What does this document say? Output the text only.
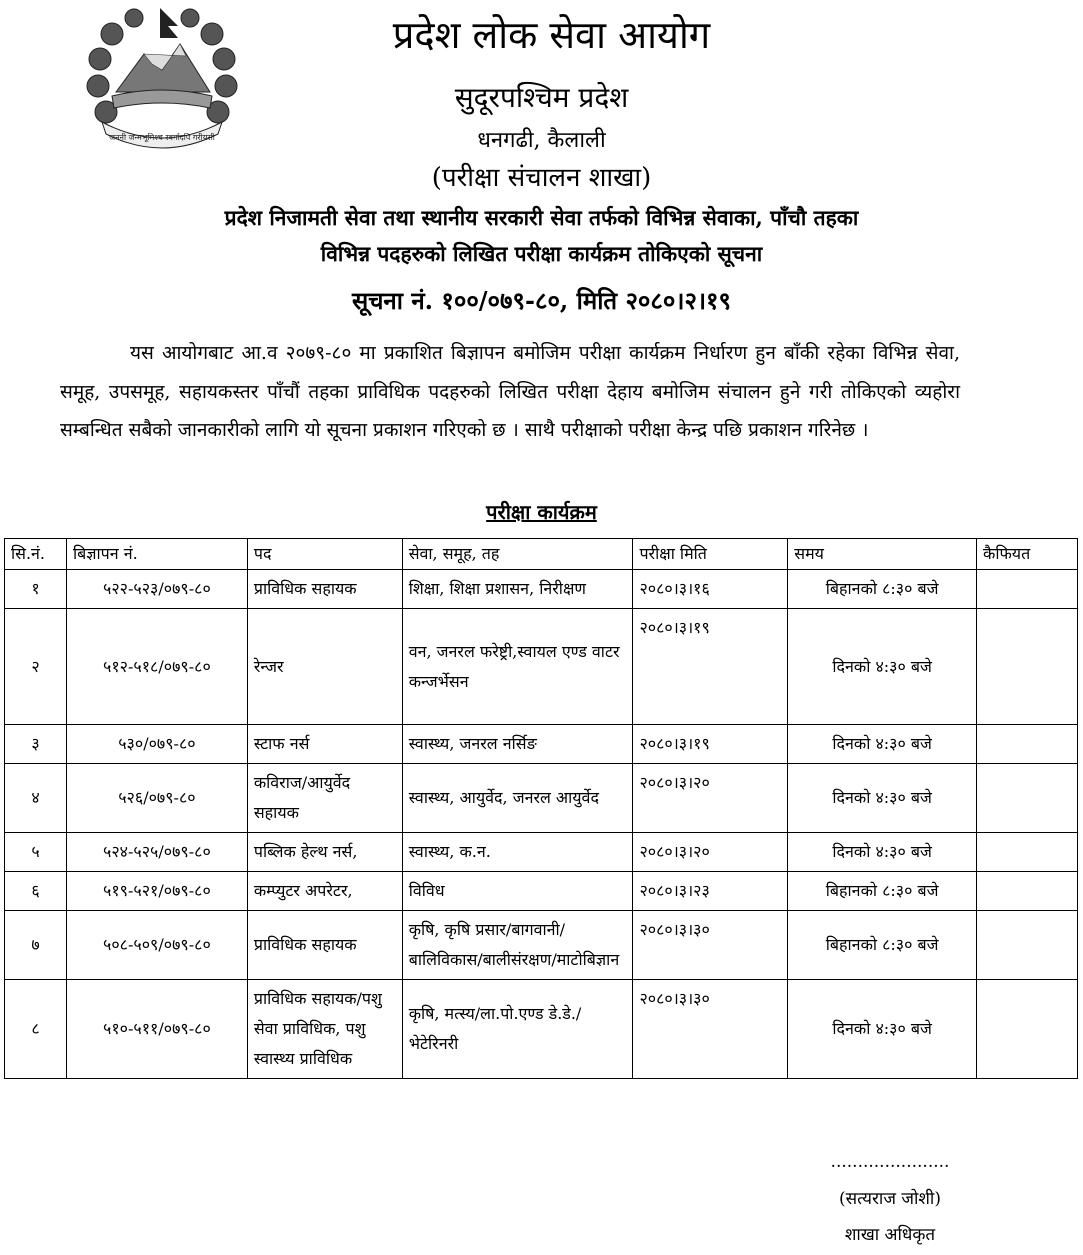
जननी जन्मभूमिश्च स्वर्गादपि गरीयसी
प्रदेश लोक सेवा आयोग
सुदूरपश्चिम प्रदेश
धनगढी, कैलाली
(परीक्षा संचालन शाखा)
प्रदेश निजामती सेवा तथा स्थानीय सरकारी सेवा तर्फको विभिन्न सेवाका, पाँचौ तहका
विभिन्न पदहरुको लिखित परीक्षा कार्यक्रम तोकिएको सूचना
सूचना नं. १००/०७९-८०, मिति २०८०।२।१९
यस आयोगबाट आ.व २०७९-८० मा प्रकाशित बिज्ञापन बमोजिम परीक्षा कार्यक्रम निर्धारण हुन बाँकी रहेका विभिन्न सेवा, समूह, उपसमूह, सहायकस्तर पाँचौं तहका प्राविधिक पदहरुको लिखित परीक्षा देहाय बमोजिम संचालन हुने गरी तोकिएको व्यहोरा सम्बन्धित सबैको जानकारीको लागि यो सूचना प्रकाशन गरिएको छ । साथै परीक्षाको परीक्षा केन्द्र पछि प्रकाशन गरिनेछ ।
परीक्षा कार्यक्रम
सि.नं.	बिज्ञापन नं.	पद	सेवा, समूह, तह	परीक्षा मिति	समय	कैफियत
१	५२२-५२३/०७९-८०	प्राविधिक सहायक	शिक्षा, शिक्षा प्रशासन, निरीक्षण	२०८०।३।१६	बिहानको ८:३० बजे	
२	५१२-५१८/०७९-८०	रेन्जर	वन, जनरल फरेष्ट्री,स्वायल एण्ड वाटर कन्जर्भेसन	२०८०।३।१९	दिनको ४:३० बजे	
३	५३०/०७९-८०	स्टाफ नर्स	स्वास्थ्य, जनरल नर्सिङ	२०८०।३।१९	दिनको ४:३० बजे	
४	५२६/०७९-८०	कविराज/आयुर्वेद सहायक	स्वास्थ्य, आयुर्वेद, जनरल आयुर्वेद	२०८०।३।२०	दिनको ४:३० बजे	
५	५२४-५२५/०७९-८०	पब्लिक हेल्थ नर्स,	स्वास्थ्य, क.न.	२०८०।३।२०	दिनको ४:३० बजे	
६	५१९-५२१/०७९-८०	कम्प्युटर अपरेटर,	विविध	२०८०।३।२३	बिहानको ८:३० बजे	
७	५०८-५०९/०७९-८०	प्राविधिक सहायक	कृषि, कृषि प्रसार/बागवानी/बालिविकास/बालीसंरक्षण/माटोबिज्ञान	२०८०।३।३०	बिहानको ८:३० बजे	
८	५१०-५११/०७९-८०	प्राविधिक सहायक/पशु सेवा प्राविधिक, पशु स्वास्थ्य प्राविधिक	कृषि, मत्स्य/ला.पो.एण्ड डे.डे./भेटेरिनरी	२०८०।३।३०	दिनको ४:३० बजे	
......................
(सत्यराज जोशी)
शाखा अधिकृत
